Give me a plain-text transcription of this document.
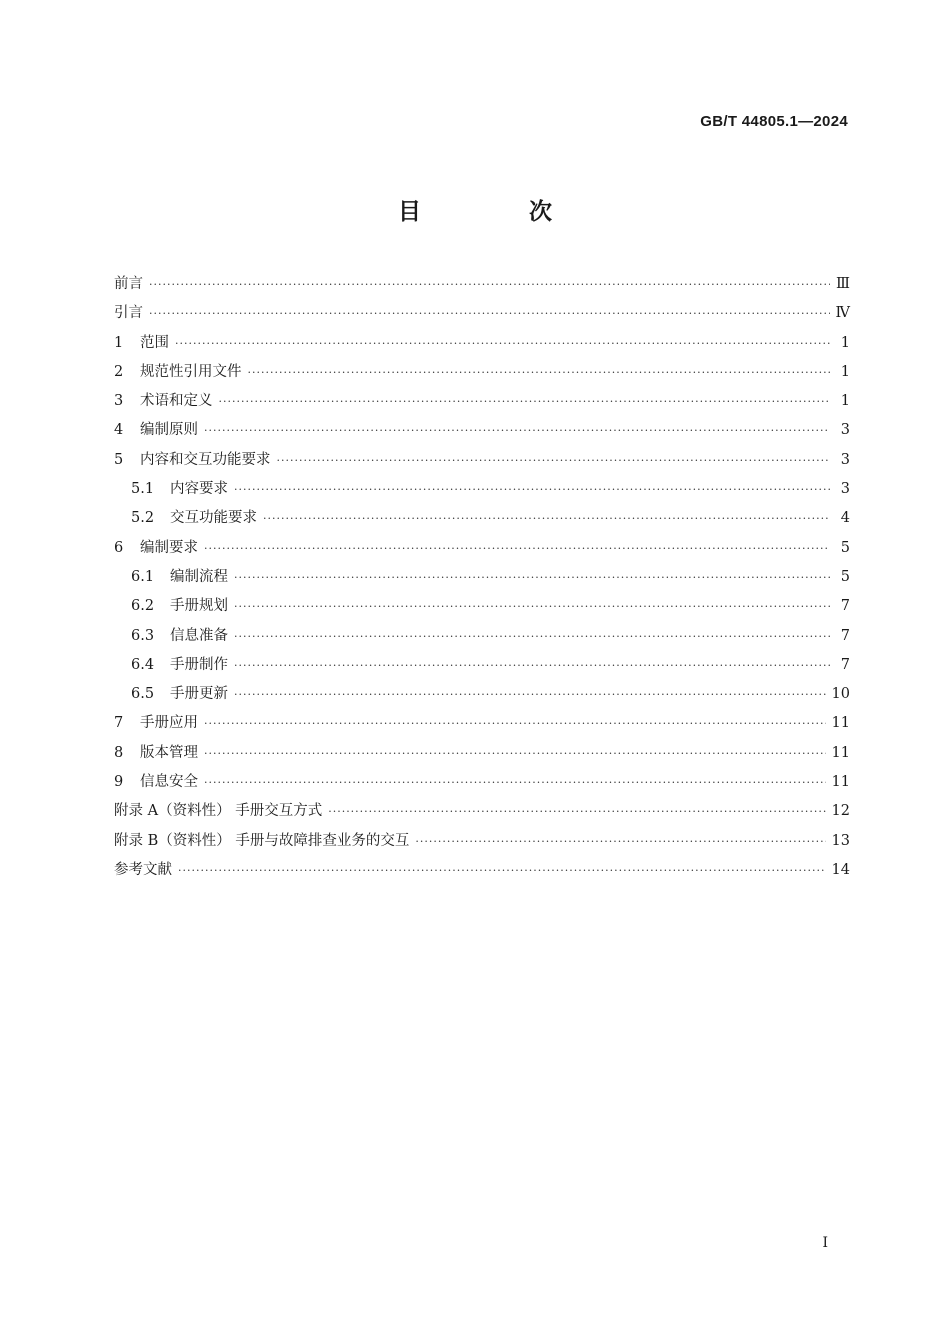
GB/T 44805.1—2024
目 次
前言 ·····	Ⅲ
引言 ·····	Ⅳ
1	范围 ·····	1
2	规范性引用文件 ·····	1
3	术语和定义 ·····	1
4	编制原则 ·····	3
5	内容和交互功能要求 ·····	3
5.1	内容要求 ·····	3
5.2	交互功能要求 ·····	4
6	编制要求 ·····	5
6.1	编制流程 ·····	5
6.2	手册规划 ·····	7
6.3	信息准备 ·····	7
6.4	手册制作 ·····	7
6.5	手册更新 ·····	10
7	手册应用 ·····	11
8	版本管理 ·····	11
9	信息安全 ·····	11
附录 A（资料性） 手册交互方式 ·····	12
附录 B（资料性） 手册与故障排查业务的交互 ·····	13
参考文献 ·····	14
I
